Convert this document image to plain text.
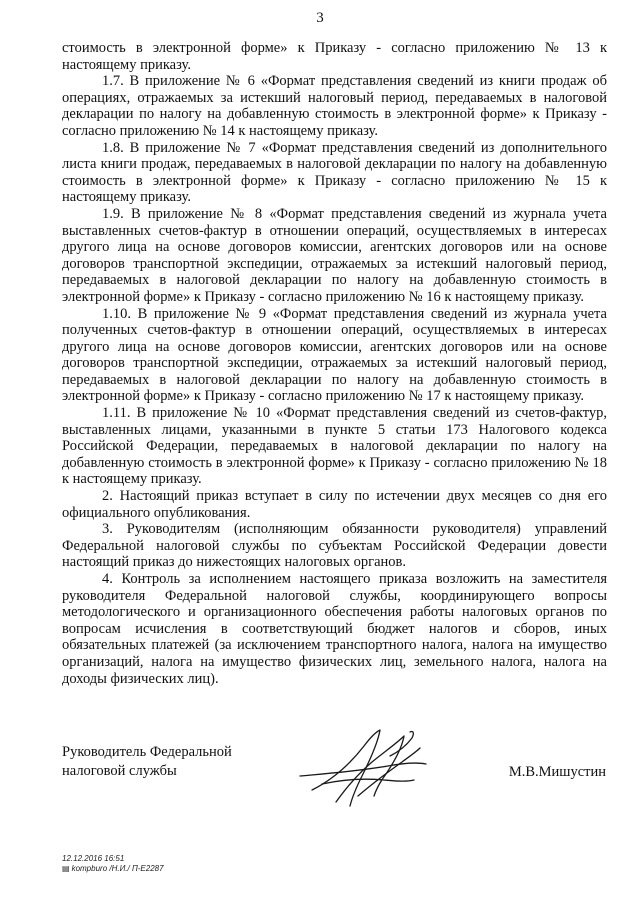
3

стоимость в электронной форме» к Приказу - согласно приложению № 13 к настоящему приказу.

1.7. В приложение № 6 «Формат представления сведений из книги продаж об операциях, отражаемых за истекший налоговый период, передаваемых в налоговой декларации по налогу на добавленную стоимость в электронной форме» к Приказу - согласно приложению № 14 к настоящему приказу.

1.8. В приложение № 7 «Формат представления сведений из дополнительного листа книги продаж, передаваемых в налоговой декларации по налогу на добавленную стоимость в электронной форме» к Приказу - согласно приложению № 15 к настоящему приказу.

1.9. В приложение № 8 «Формат представления сведений из журнала учета выставленных счетов-фактур в отношении операций, осуществляемых в интересах другого лица на основе договоров комиссии, агентских договоров или на основе договоров транспортной экспедиции, отражаемых за истекший налоговый период, передаваемых в налоговой декларации по налогу на добавленную стоимость в электронной форме» к Приказу - согласно приложению № 16 к настоящему приказу.

1.10. В приложение № 9 «Формат представления сведений из журнала учета полученных счетов-фактур в отношении операций, осуществляемых в интересах другого лица на основе договоров комиссии, агентских договоров или на основе договоров транспортной экспедиции, отражаемых за истекший налоговый период, передаваемых в налоговой декларации по налогу на добавленную стоимость в электронной форме» к Приказу - согласно приложению № 17 к настоящему приказу.

1.11. В приложение № 10 «Формат представления сведений из счетов-фактур, выставленных лицами, указанными в пункте 5 статьи 173 Налогового кодекса Российской Федерации, передаваемых в налоговой декларации по налогу на добавленную стоимость в электронной форме» к Приказу - согласно приложению № 18 к настоящему приказу.

2. Настоящий приказ вступает в силу по истечении двух месяцев со дня его официального опубликования.

3. Руководителям (исполняющим обязанности руководителя) управлений Федеральной налоговой службы по субъектам Российской Федерации довести настоящий приказ до нижестоящих налоговых органов.

4. Контроль за исполнением настоящего приказа возложить на заместителя руководителя Федеральной налоговой службы, координирующего вопросы методологического и организационного обеспечения работы налоговых органов по вопросам исчисления в соответствующий бюджет налогов и сборов, иных обязательных платежей (за исключением транспортного налога, налога на имущество организаций, налога на имущество физических лиц, земельного налога, налога на доходы физических лиц).

Руководитель Федеральной
налоговой службы	М.В.Мишустин
12.12.2016 16:51
▤ kompburo /Н.И./ П-Е2287
